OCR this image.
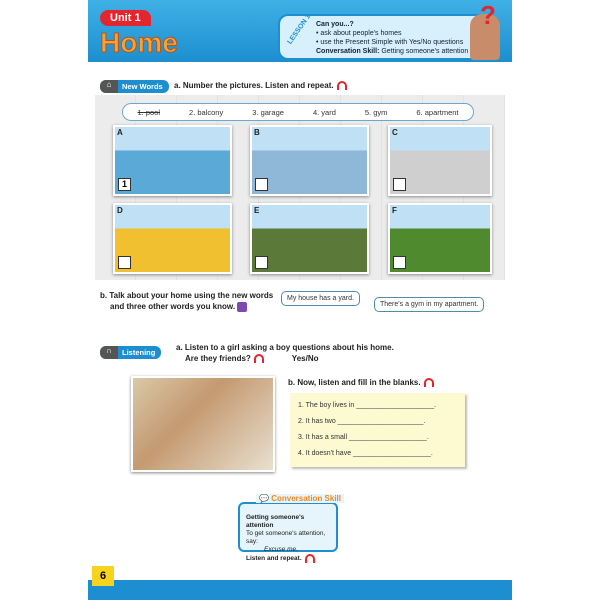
Unit 1
Home
Can you...?
• ask about people's homes
• use the Present Simple with Yes/No questions
Conversation Skill: Getting someone's attention
LESSON 1	?
⌂	New Words	a. Number the pictures. Listen and repeat.
1. pool	2. balcony	3. garage	4. yard	5. gym	6. apartment
A
1
B	C
D	E	F
b. Talk about your home using the new words
and three other words you know.
My house has a yard.
There's a gym in my apartment.
∩	Listening
a. Listen to a girl asking a boy questions about his home.
Are they friends?	Yes/No
b. Now, listen and fill in the blanks.
1. The boy lives in ____________________.
2. It has two ______________________.
3. It has a small ____________________.
4. It doesn't have ____________________.
Getting someone's attention
To get someone's attention, say:
Excuse me.
Listen and repeat.
💬 Conversation Skill
6
